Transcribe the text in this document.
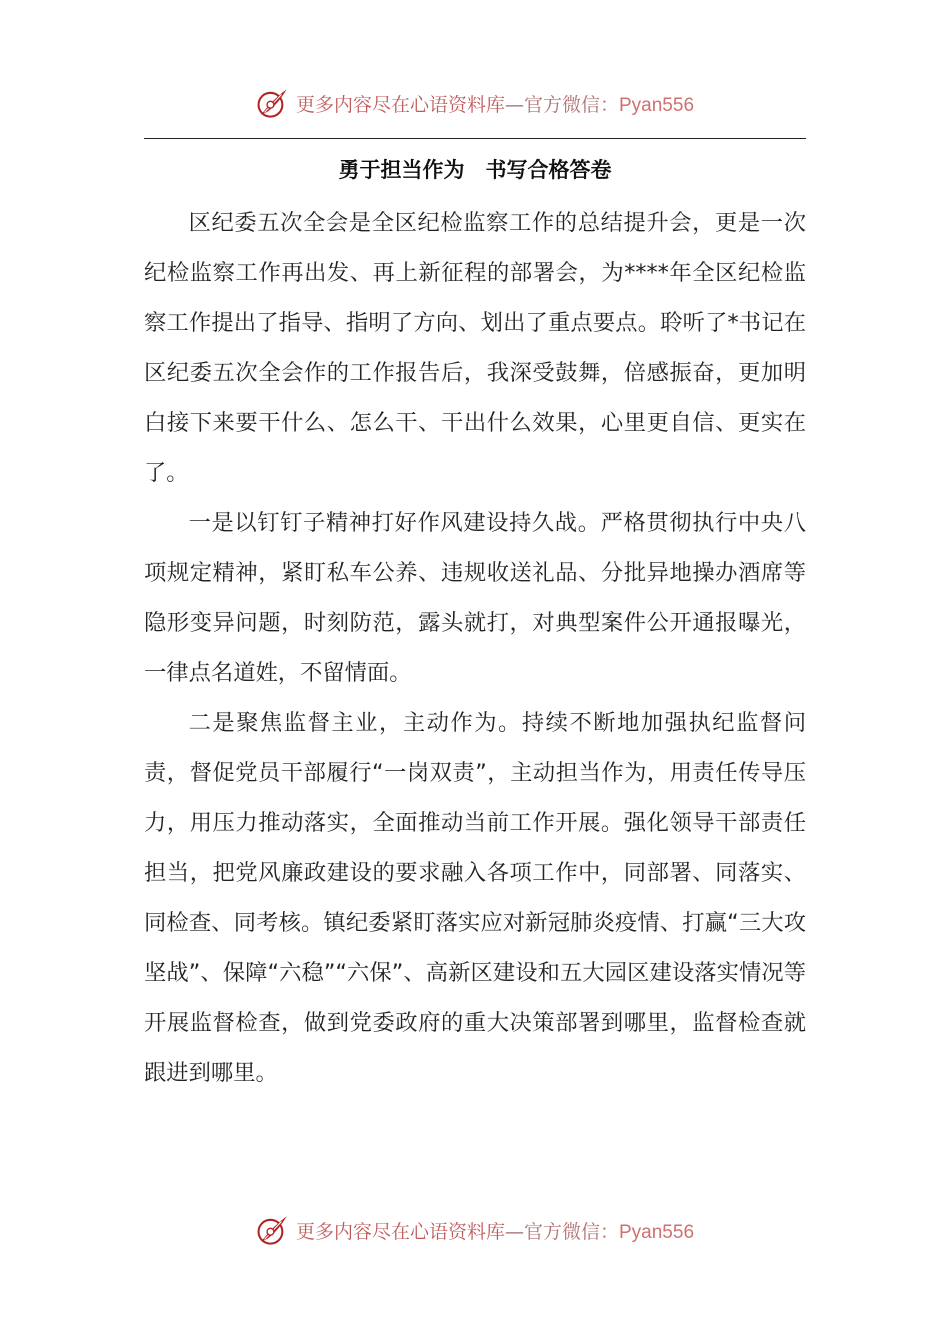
更多内容尽在心语资料库—官方微信：Pyan556
勇于担当作为　书写合格答卷

区纪委五次全会是全区纪检监察工作的总结提升会，更是一次纪检监察工作再出发、再上新征程的部署会，为****年全区纪检监察工作提出了指导、指明了方向、划出了重点要点。聆听了*书记在区纪委五次全会作的工作报告后，我深受鼓舞，倍感振奋，更加明白接下来要干什么、怎么干、干出什么效果，心里更自信、更实在了。

一是以钉钉子精神打好作风建设持久战。严格贯彻执行中央八项规定精神，紧盯私车公养、违规收送礼品、分批异地操办酒席等隐形变异问题，时刻防范，露头就打，对典型案件公开通报曝光，一律点名道姓，不留情面。

二是聚焦监督主业，主动作为。持续不断地加强执纪监督问责，督促党员干部履行“一岗双责”，主动担当作为，用责任传导压力，用压力推动落实，全面推动当前工作开展。强化领导干部责任担当，把党风廉政建设的要求融入各项工作中，同部署、同落实、同检查、同考核。镇纪委紧盯落实应对新冠肺炎疫情、打赢“三大攻坚战”、保障“六稳”“六保”、高新区建设和五大园区建设落实情况等开展监督检查，做到党委政府的重大决策部署到哪里，监督检查就跟进到哪里。

更多内容尽在心语资料库—官方微信：Pyan556
